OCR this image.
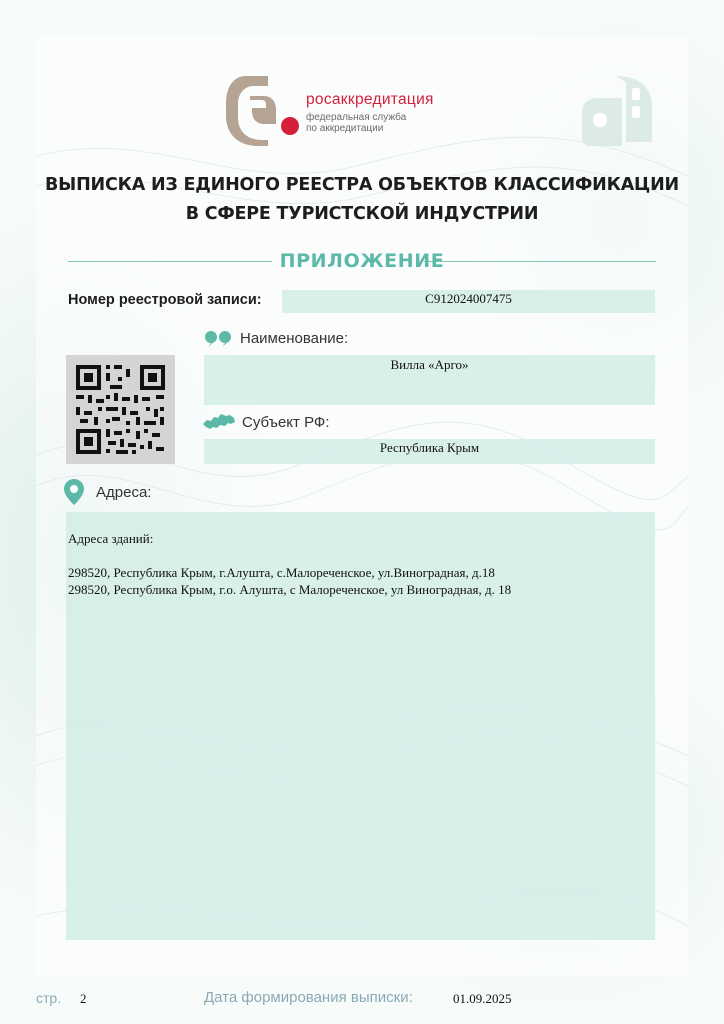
росаккредитация
федеральная служба
по аккредитации
ВЫПИСКА ИЗ ЕДИНОГО РЕЕСТРА ОБЪЕКТОВ КЛАССИФИКАЦИИ
В СФЕРЕ ТУРИСТСКОЙ ИНДУСТРИИ
ПРИЛОЖЕНИЕ
Номер реестровой записи:	С912024007475
Наименование:
Вилла «Арго»
Субъект РФ:
Республика Крым
Адреса:
Адреса зданий:
298520, Республика Крым, г.Алушта, с.Малореченское, ул.Виноградная, д.18
298520, Республика Крым, г.о. Алушта, с Малореченское, ул Виноградная, д. 18
стр. 2	Дата формирования выписки:	01.09.2025
